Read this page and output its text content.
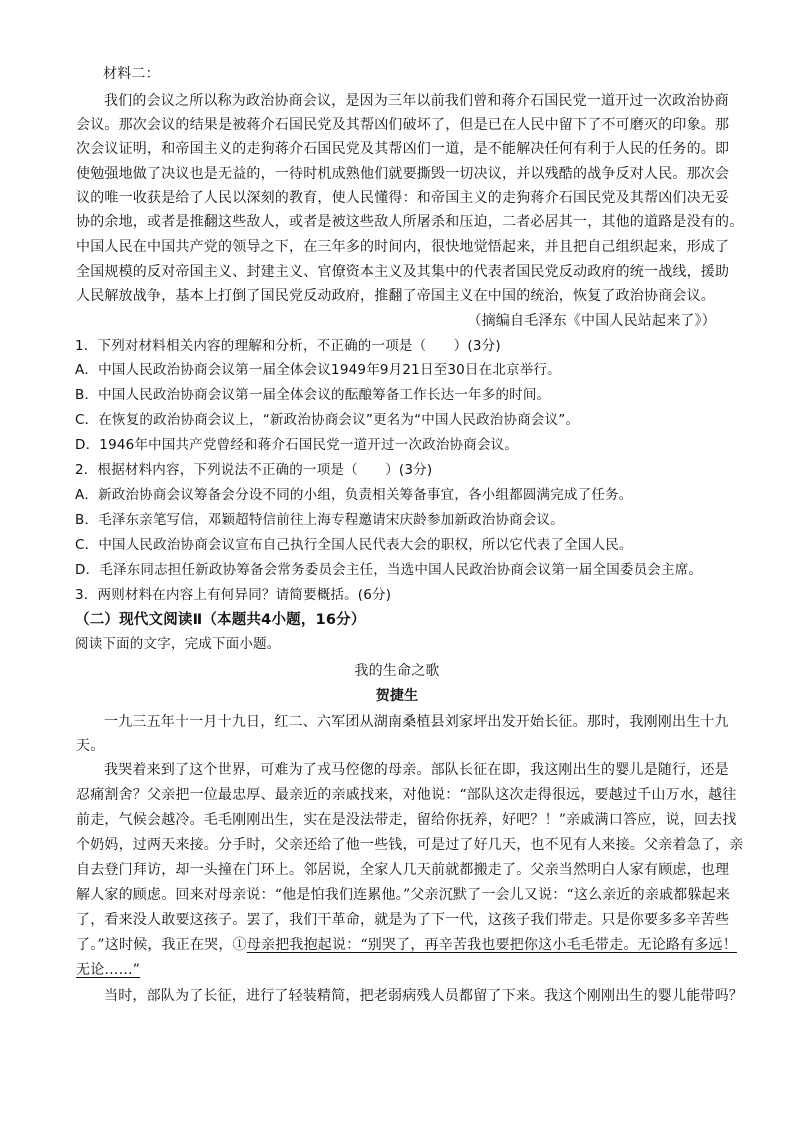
材料二：
我们的会议之所以称为政治协商会议，是因为三年以前我们曾和蒋介石国民党一道开过一次政治协商
会议。那次会议的结果是被蒋介石国民党及其帮凶们破坏了，但是已在人民中留下了不可磨灭的印象。那
次会议证明，和帝国主义的走狗蒋介石国民党及其帮凶们一道，是不能解决任何有利于人民的任务的。即
使勉强地做了决议也是无益的，一待时机成熟他们就要撕毁一切决议，并以残酷的战争反对人民。那次会
议的唯一收获是给了人民以深刻的教育，使人民懂得：和帝国主义的走狗蒋介石国民党及其帮凶们决无妥
协的余地，或者是推翻这些敌人，或者是被这些敌人所屠杀和压迫，二者必居其一，其他的道路是没有的。
中国人民在中国共产党的领导之下，在三年多的时间内，很快地觉悟起来，并且把自己组织起来，形成了
全国规模的反对帝国主义、封建主义、官僚资本主义及其集中的代表者国民党反动政府的统一战线，援助
人民解放战争，基本上打倒了国民党反动政府，推翻了帝国主义在中国的统治，恢复了政治协商会议。
（摘编自毛泽东《中国人民站起来了》）
1．下列对材料相关内容的理解和分析，不正确的一项是（　　）(3分)
A．中国人民政治协商会议第一届全体会议1949年9月21日至30日在北京举行。
B．中国人民政治协商会议第一届全体会议的酝酿筹备工作长达一年多的时间。
C．在恢复的政治协商会议上，“新政治协商会议”更名为“中国人民政治协商会议”。
D．1946年中国共产党曾经和蒋介石国民党一道开过一次政治协商会议。
2．根据材料内容，下列说法不正确的一项是（　　）(3分)
A．新政治协商会议筹备会分设不同的小组，负责相关筹备事宜，各小组都圆满完成了任务。
B．毛泽东亲笔写信，邓颖超特信前往上海专程邀请宋庆龄参加新政治协商会议。
C．中国人民政治协商会议宣布自己执行全国人民代表大会的职权，所以它代表了全国人民。
D．毛泽东同志担任新政协筹备会常务委员会主任，当选中国人民政治协商会议第一届全国委员会主席。
3．两则材料在内容上有何异同？请简要概括。(6分)
（二）现代文阅读Ⅱ（本题共4小题，16分）
阅读下面的文字，完成下面小题。
我的生命之歌
贺捷生
一九三五年十一月十九日，红二、六军团从湖南桑植县刘家坪出发开始长征。那时，我刚刚出生十九
天。
我哭着来到了这个世界，可难为了戎马倥偬的母亲。部队长征在即，我这刚出生的婴儿是随行，还是
忍痛割舍？父亲把一位最忠厚、最亲近的亲戚找来，对他说：“部队这次走得很远，要越过千山万水，越往
前走，气候会越冷。毛毛刚刚出生，实在是没法带走，留给你抚养，好吧？！”亲戚满口答应，说，回去找
个奶妈，过两天来接。分手时，父亲还给了他一些钱，可是过了好几天，也不见有人来接。父亲着急了，亲
自去登门拜访，却一头撞在门环上。邻居说，全家人几天前就都搬走了。父亲当然明白人家有顾虑，也理
解人家的顾虑。回来对母亲说：“他是怕我们连累他。”父亲沉默了一会儿又说：“这么亲近的亲戚都躲起来
了，看来没人敢要这孩子。罢了，我们干革命，就是为了下一代，这孩子我们带走。只是你要多多辛苦些
了。”这时候，我正在哭，①母亲把我抱起说：“别哭了，再辛苦我也要把你这小毛毛带走。无论路有多远！
无论……”
当时，部队为了长征，进行了轻装精简，把老弱病残人员都留了下来。我这个刚刚出生的婴儿能带吗？
